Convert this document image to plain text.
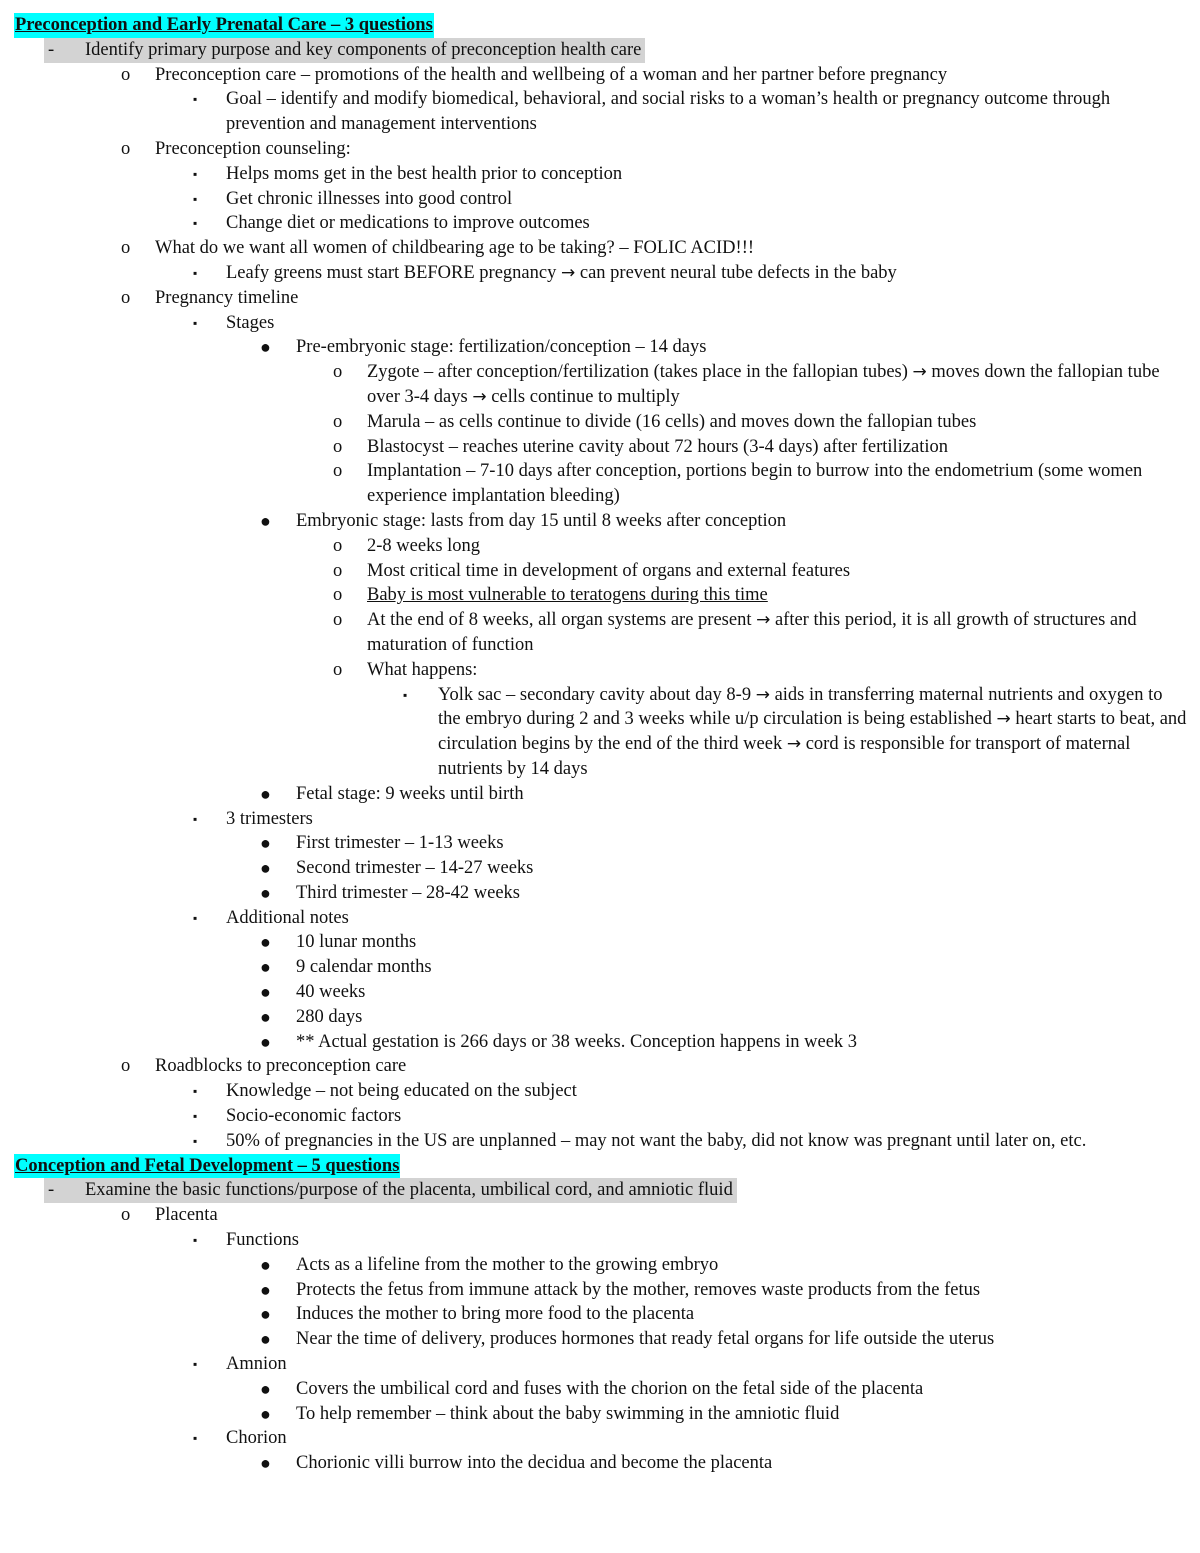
Preconception and Early Prenatal Care – 3 questions
- Identify primary purpose and key components of preconception health care
o Preconception care – promotions of the health and wellbeing of a woman and her partner before pregnancy
▪ Goal – identify and modify biomedical, behavioral, and social risks to a woman’s health or pregnancy outcome through prevention and management interventions
o Preconception counseling:
▪ Helps moms get in the best health prior to conception
▪ Get chronic illnesses into good control
▪ Change diet or medications to improve outcomes
o What do we want all women of childbearing age to be taking? – FOLIC ACID!!!
▪ Leafy greens must start BEFORE pregnancy → can prevent neural tube defects in the baby
o Pregnancy timeline
▪ Stages
● Pre-embryonic stage: fertilization/conception – 14 days
o Zygote – after conception/fertilization (takes place in the fallopian tubes) → moves down the fallopian tube over 3-4 days → cells continue to multiply
o Marula – as cells continue to divide (16 cells) and moves down the fallopian tubes
o Blastocyst – reaches uterine cavity about 72 hours (3-4 days) after fertilization
o Implantation – 7-10 days after conception, portions begin to burrow into the endometrium (some women experience implantation bleeding)
● Embryonic stage: lasts from day 15 until 8 weeks after conception
o 2-8 weeks long
o Most critical time in development of organs and external features
o Baby is most vulnerable to teratogens during this time
o At the end of 8 weeks, all organ systems are present → after this period, it is all growth of structures and maturation of function
o What happens:
▪ Yolk sac – secondary cavity about day 8-9 → aids in transferring maternal nutrients and oxygen to the embryo during 2 and 3 weeks while u/p circulation is being established → heart starts to beat, and circulation begins by the end of the third week → cord is responsible for transport of maternal nutrients by 14 days
● Fetal stage: 9 weeks until birth
▪ 3 trimesters
● First trimester – 1-13 weeks
● Second trimester – 14-27 weeks
● Third trimester – 28-42 weeks
▪ Additional notes
● 10 lunar months
● 9 calendar months
● 40 weeks
● 280 days
● ** Actual gestation is 266 days or 38 weeks. Conception happens in week 3
o Roadblocks to preconception care
▪ Knowledge – not being educated on the subject
▪ Socio-economic factors
▪ 50% of pregnancies in the US are unplanned – may not want the baby, did not know was pregnant until later on, etc.
Conception and Fetal Development – 5 questions
- Examine the basic functions/purpose of the placenta, umbilical cord, and amniotic fluid
o Placenta
▪ Functions
● Acts as a lifeline from the mother to the growing embryo
● Protects the fetus from immune attack by the mother, removes waste products from the fetus
● Induces the mother to bring more food to the placenta
● Near the time of delivery, produces hormones that ready fetal organs for life outside the uterus
▪ Amnion
● Covers the umbilical cord and fuses with the chorion on the fetal side of the placenta
● To help remember – think about the baby swimming in the amniotic fluid
▪ Chorion
● Chorionic villi burrow into the decidua and become the placenta
